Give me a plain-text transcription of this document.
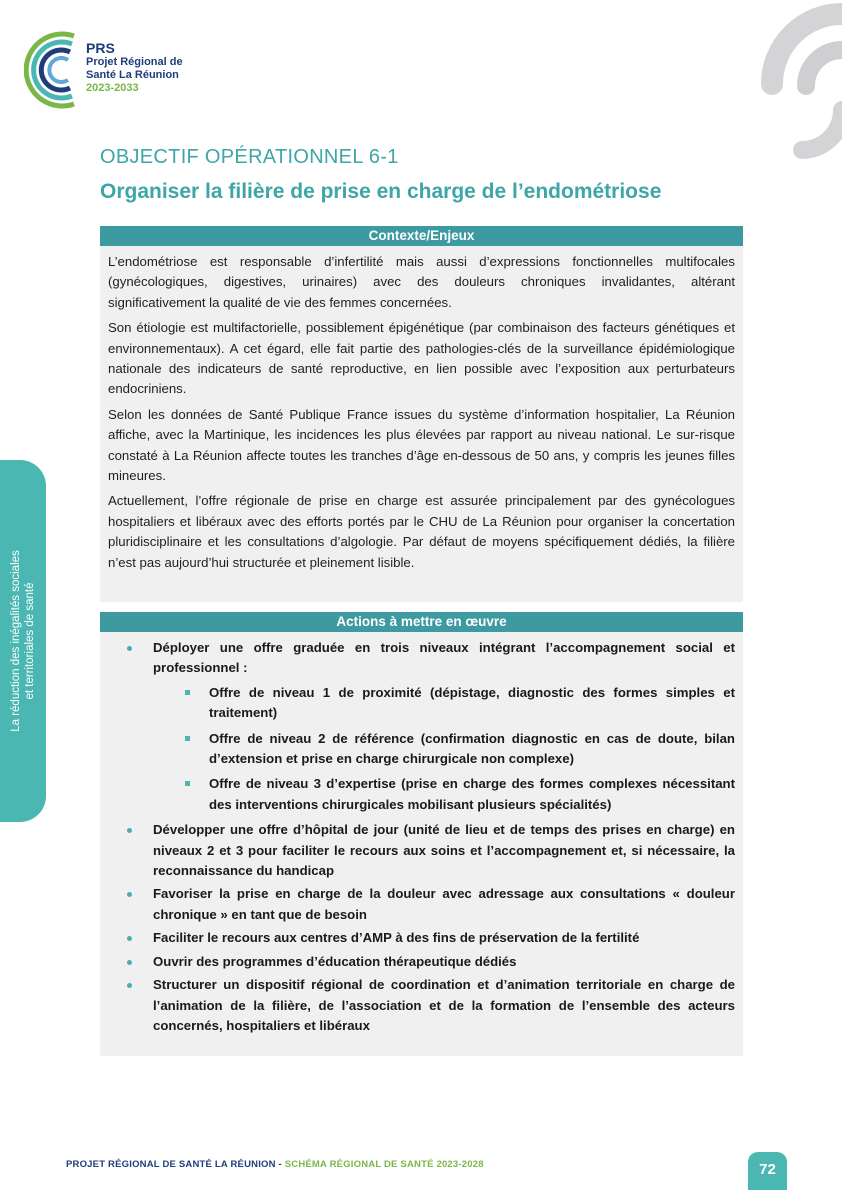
PRS
Projet Régional de
Santé La Réunion
2023-2033
La réduction des inégalités sociales et territoriales de santé
OBJECTIF OPÉRATIONNEL 6-1
Organiser la filière de prise en charge de l’endométriose
Contexte/Enjeux

L’endométriose est responsable d’infertilité mais aussi d’expressions fonctionnelles multifocales (gynécologiques, digestives, urinaires) avec des douleurs chroniques invalidantes, altérant significativement la qualité de vie des femmes concernées.

Son étiologie est multifactorielle, possiblement épigénétique (par combinaison des facteurs génétiques et environnementaux). A cet égard, elle fait partie des pathologies-clés de la surveillance épidémiologique nationale des indicateurs de santé reproductive, en lien possible avec l’exposition aux perturbateurs endocriniens.

Selon les données de Santé Publique France issues du système d’information hospitalier, La Réunion affiche, avec la Martinique, les incidences les plus élevées par rapport au niveau national. Le sur-risque constaté à La Réunion affecte toutes les tranches d’âge en-dessous de 50 ans, y compris les jeunes filles mineures.

Actuellement, l’offre régionale de prise en charge est assurée principalement par des gynécologues hospitaliers et libéraux avec des efforts portés par le CHU de La Réunion pour organiser la concertation pluridisciplinaire et les consultations d’algologie. Par défaut de moyens spécifiquement dédiés, la filière n’est pas aujourd’hui structurée et pleinement lisible.

Actions à mettre en œuvre
Déployer une offre graduée en trois niveaux intégrant l’accompagnement social et professionnel :
Offre de niveau 1 de proximité (dépistage, diagnostic des formes simples et traitement)
Offre de niveau 2 de référence (confirmation diagnostic en cas de doute, bilan d’extension et prise en charge chirurgicale non complexe)
Offre de niveau 3 d’expertise (prise en charge des formes complexes nécessitant des interventions chirurgicales mobilisant plusieurs spécialités)
Développer une offre d’hôpital de jour (unité de lieu et de temps des prises en charge) en niveaux 2 et 3 pour faciliter le recours aux soins et l’accompagnement et, si nécessaire, la reconnaissance du handicap
Favoriser la prise en charge de la douleur avec adressage aux consultations « douleur chronique » en tant que de besoin
Faciliter le recours aux centres d’AMP à des fins de préservation de la fertilité
Ouvrir des programmes d’éducation thérapeutique dédiés
Structurer un dispositif régional de coordination et d’animation territoriale en charge de l’animation de la filière, de l’association et de la formation de l’ensemble des acteurs concernés, hospitaliers et libéraux
PROJET RÉGIONAL DE SANTÉ LA RÉUNION - SCHÉMA RÉGIONAL DE SANTÉ 2023-2028	72
